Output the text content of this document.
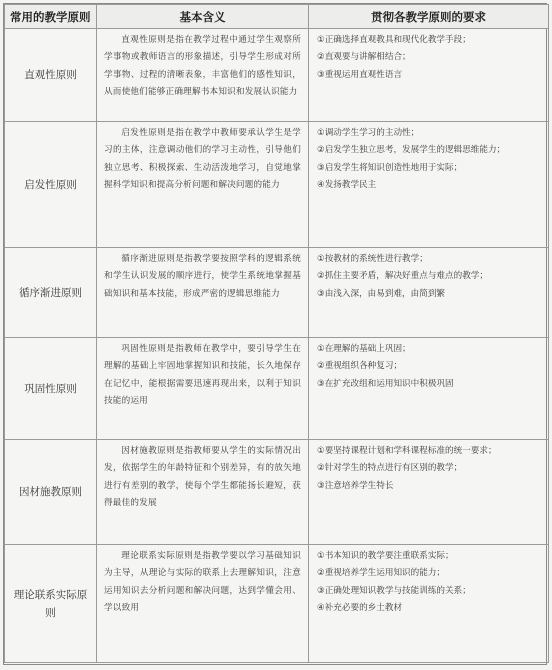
常用的教学原则	基本含义	贯彻各教学原则的要求
直观性原则	直观性原则是指在教学过程中通过学生观察所学事物或教师语言的形象描述，引导学生形成对所学事物、过程的清晰表象，丰富他们的感性知识，从而使他们能够正确理解书本知识和发展认识能力	①正确选择直观教具和现代化教学手段；
②直观要与讲解相结合；
③重视运用直观性语言

启发性原则	启发性原则是指在教学中教师要承认学生是学习的主体，注意调动他们的学习主动性，引导他们独立思考、积极探索、生动活泼地学习，自觉地掌握科学知识和提高分析问题和解决问题的能力	①调动学生学习的主动性；
②启发学生独立思考，发展学生的逻辑思维能力；
③启发学生将知识创造性地用于实际；
④发扬教学民主

循序渐进原则	循序渐进原则是指教学要按照学科的逻辑系统和学生认识发展的顺序进行，使学生系统地掌握基础知识和基本技能，形成严密的逻辑思维能力	①按教材的系统性进行教学；
②抓住主要矛盾，解决好重点与难点的教学；
③由浅入深，由易到难，由简到繁

巩固性原则	巩固性原则是指教师在教学中，要引导学生在理解的基础上牢固地掌握知识和技能，长久地保存在记忆中，能根据需要迅速再现出来，以利于知识技能的运用	①在理解的基础上巩固；
②重视组织各种复习；
③在扩充改组和运用知识中积极巩固

因材施教原则	因材施教原则是指教师要从学生的实际情况出发，依据学生的年龄特征和个别差异，有的放矢地进行有差别的教学，使每个学生都能扬长避短，获得最佳的发展	①要坚持课程计划和学科课程标准的统一要求；
②针对学生的特点进行有区别的教学；
③注意培养学生特长

理论联系实际原则	理论联系实际原则是指教学要以学习基础知识为主导，从理论与实际的联系上去理解知识，注意运用知识去分析问题和解决问题，达到学懂会用、学以致用	①书本知识的教学要注重联系实际；
②重视培养学生运用知识的能力；
③正确处理知识教学与技能训练的关系；
④补充必要的乡土教材
